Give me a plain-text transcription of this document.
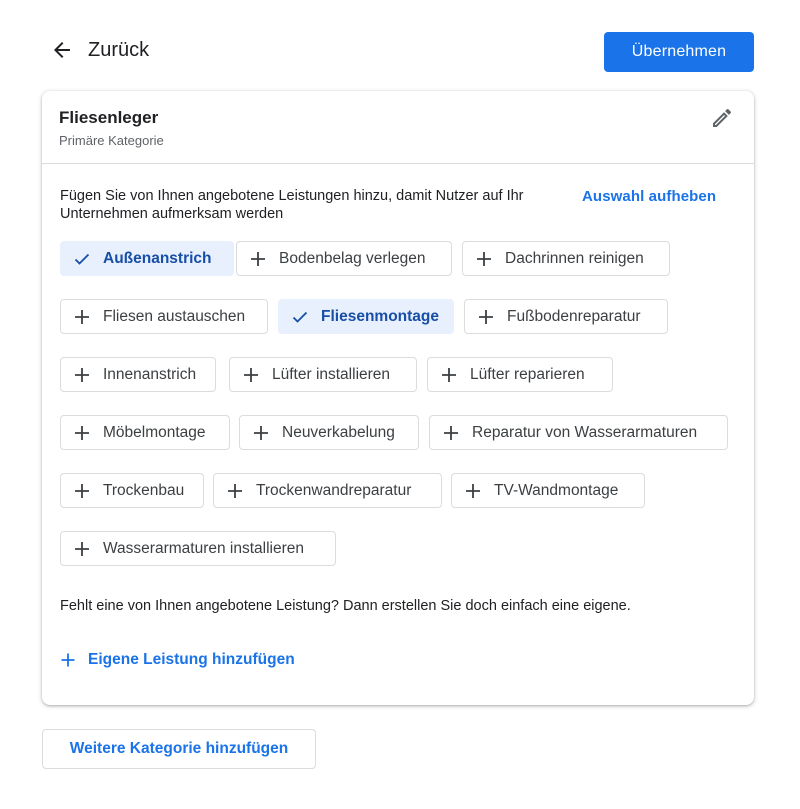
Zurück	Übernehmen
Fliesenleger
Primäre Kategorie
Fügen Sie von Ihnen angebotene Leistungen hinzu, damit Nutzer auf Ihr Unternehmen aufmerksam werden
Auswahl aufheben
Außenanstrich	Bodenbelag verlegen	Dachrinnen reinigen
Fliesen austauschen	Fliesenmontage	Fußbodenreparatur
Innenanstrich	Lüfter installieren	Lüfter reparieren
Möbelmontage	Neuverkabelung	Reparatur von Wasserarmaturen
Trockenbau	Trockenwandreparatur	TV-Wandmontage
Wasserarmaturen installieren
Fehlt eine von Ihnen angebotene Leistung? Dann erstellen Sie doch einfach eine eigene.
Eigene Leistung hinzufügen
Weitere Kategorie hinzufügen
